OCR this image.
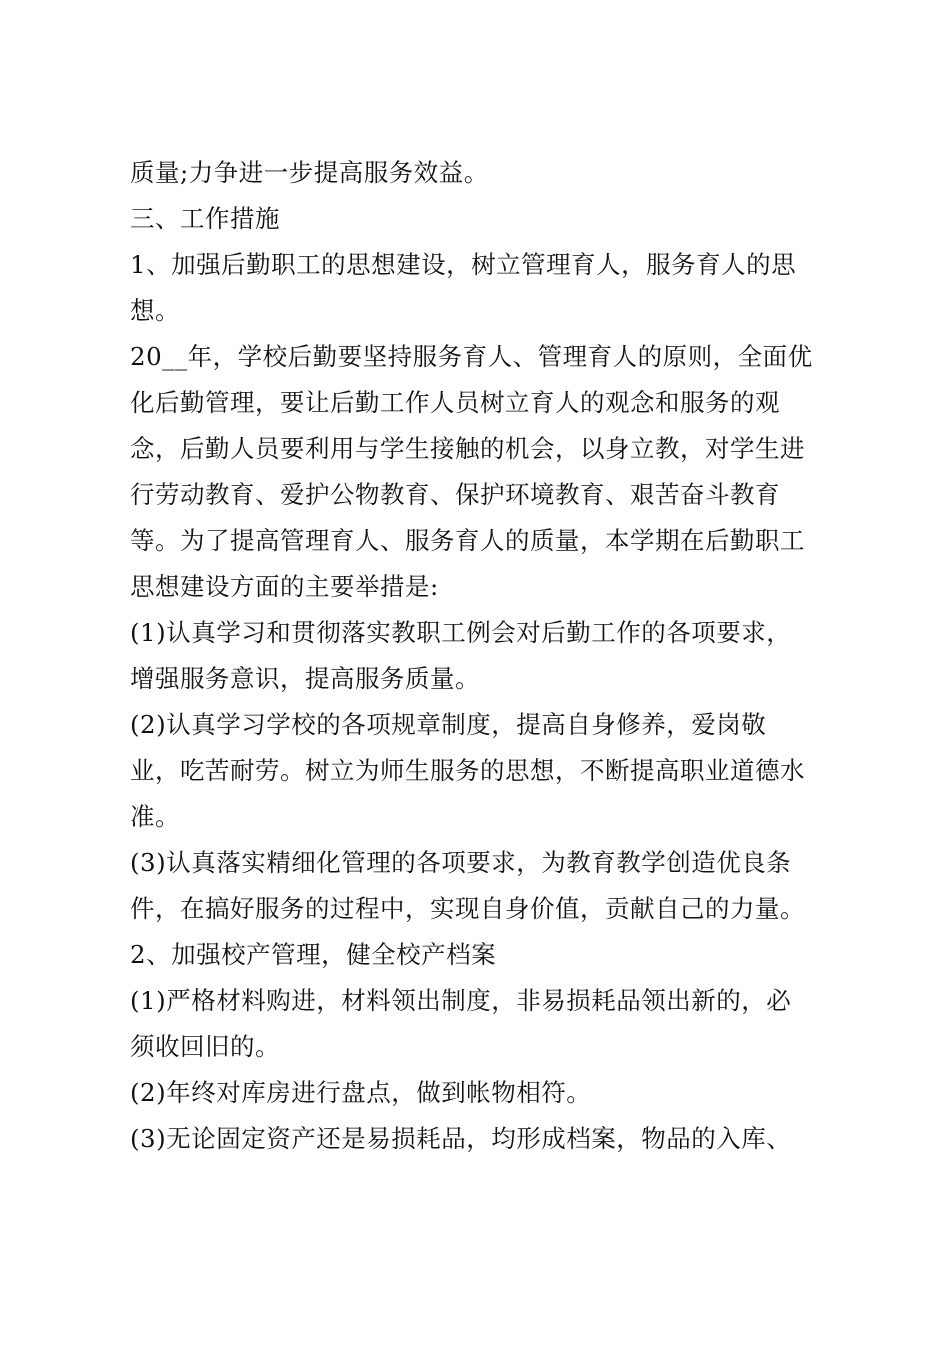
质量;力争进一步提高服务效益。

三、工作措施

1、加强后勤职工的思想建设，树立管理育人，服务育人的思

想。

20__年，学校后勤要坚持服务育人、管理育人的原则，全面优

化后勤管理，要让后勤工作人员树立育人的观念和服务的观

念，后勤人员要利用与学生接触的机会，以身立教，对学生进

行劳动教育、爱护公物教育、保护环境教育、艰苦奋斗教育

等。为了提高管理育人、服务育人的质量，本学期在后勤职工

思想建设方面的主要举措是:

(1)认真学习和贯彻落实教职工例会对后勤工作的各项要求，

增强服务意识，提高服务质量。

(2)认真学习学校的各项规章制度，提高自身修养，爱岗敬

业，吃苦耐劳。树立为师生服务的思想，不断提高职业道德水

准。

(3)认真落实精细化管理的各项要求，为教育教学创造优良条

件，在搞好服务的过程中，实现自身价值，贡献自己的力量。

2、加强校产管理，健全校产档案

(1)严格材料购进，材料领出制度，非易损耗品领出新的，必

须收回旧的。

(2)年终对库房进行盘点，做到帐物相符。

(3)无论固定资产还是易损耗品，均形成档案，物品的入库、
